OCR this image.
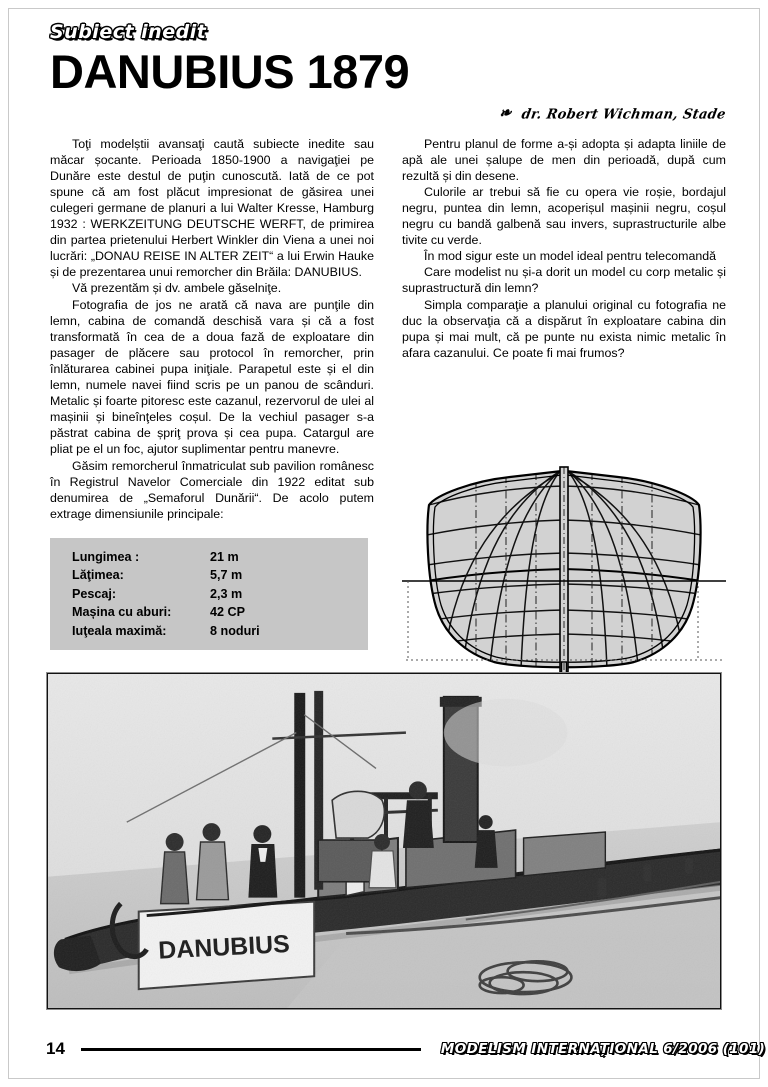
Subiect inedit
DANUBIUS 1879
❧ dr. Robert Wichman, Stade

Toţi modelștii avansaţi caută subiecte inedite sau măcar șocante. Perioada 1850-1900 a navigaţiei pe Dunăre este destul de puţin cunoscută. Iată de ce pot spune că am fost plăcut impresionat de găsirea unei culegeri germane de planuri a lui Walter Kresse, Hamburg 1932 : WERKZEITUNG DEUTSCHE WERFT, de primirea din partea prietenului Herbert Winkler din Viena a unei noi lucrări: „DONAU REISE IN ALTER ZEIT“ a lui Erwin Hauke și de prezentarea unui remorcher din Brăila: DANUBIUS.

Vă prezentăm și dv. ambele găselniţe.

Fotografia de jos ne arată că nava are punţile din lemn, cabina de comandă deschisă vara și că a fost transformată în cea de a doua fază de exploatare din pasager de plăcere sau protocol în remorcher, prin înlăturarea cabinei pupa iniţiale. Parapetul este și el din lemn, numele navei fiind scris pe un panou de scânduri. Metalic și foarte pitoresc este cazanul, rezervorul de ulei al mașinii și bineînţeles coșul. De la vechiul pasager s-a păstrat cabina de șpriţ prova și cea pupa. Catargul are pliat pe el un foc, ajutor suplimentar pentru manevre.

Găsim remorcherul înmatriculat sub pavilion românesc în Registrul Navelor Comerciale din 1922 editat sub denumirea de „Semaforul Dunării“. De acolo putem extrage dimensiunile principale:

Lungimea :	21 m
Lăţimea:	5,7 m
Pescaj:	2,3 m
Mașina cu aburi:	42 CP
Iuţeala maximă:	8 noduri

Pentru planul de forme a-și adopta și adapta liniile de apă ale unei șalupe de men din perioadă, după cum rezultă și din desene.

Culorile ar trebui să fie cu opera vie roșie, bordajul negru, puntea din lemn, acoperișul mașinii negru, coșul negru cu bandă galbenă sau invers, suprastructurile albe tivite cu verde.

În mod sigur este un model ideal pentru telecomandă

Care modelist nu și-a dorit un model cu corp metalic și suprastructură din lemn?

Simpla comparaţie a planului original cu fotografia ne duc la observaţia că a dispărut în exploatare cabina din pupa și mai mult, că pe punte nu exista nimic metalic în afara cazanului. Ce poate fi mai frumos?

DANUBIUS
14	MODELISM INTERNAȚIONAL 6/2006 (101)
